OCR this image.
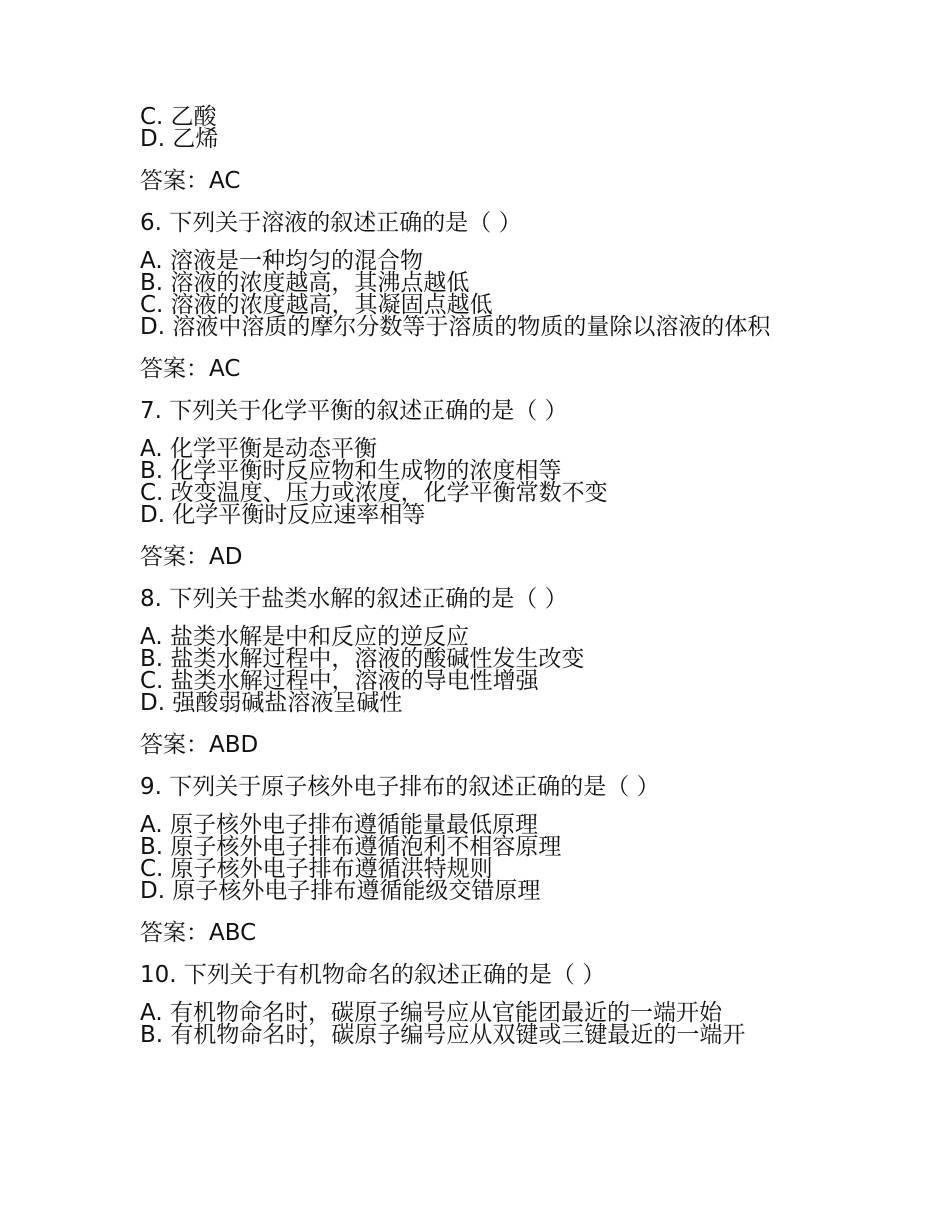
C. 乙酸
D. 乙烯
答案：AC
6. 下列关于溶液的叙述正确的是（ ）
A. 溶液是一种均匀的混合物
B. 溶液的浓度越高，其沸点越低
C. 溶液的浓度越高，其凝固点越低
D. 溶液中溶质的摩尔分数等于溶质的物质的量除以溶液的体积
答案：AC
7. 下列关于化学平衡的叙述正确的是（ ）
A. 化学平衡是动态平衡
B. 化学平衡时反应物和生成物的浓度相等
C. 改变温度、压力或浓度，化学平衡常数不变
D. 化学平衡时反应速率相等
答案：AD
8. 下列关于盐类水解的叙述正确的是（ ）
A. 盐类水解是中和反应的逆反应
B. 盐类水解过程中，溶液的酸碱性发生改变
C. 盐类水解过程中，溶液的导电性增强
D. 强酸弱碱盐溶液呈碱性
答案：ABD
9. 下列关于原子核外电子排布的叙述正确的是（ ）
A. 原子核外电子排布遵循能量最低原理
B. 原子核外电子排布遵循泡利不相容原理
C. 原子核外电子排布遵循洪特规则
D. 原子核外电子排布遵循能级交错原理
答案：ABC
10. 下列关于有机物命名的叙述正确的是（ ）
A. 有机物命名时，碳原子编号应从官能团最近的一端开始
B. 有机物命名时，碳原子编号应从双键或三键最近的一端开
